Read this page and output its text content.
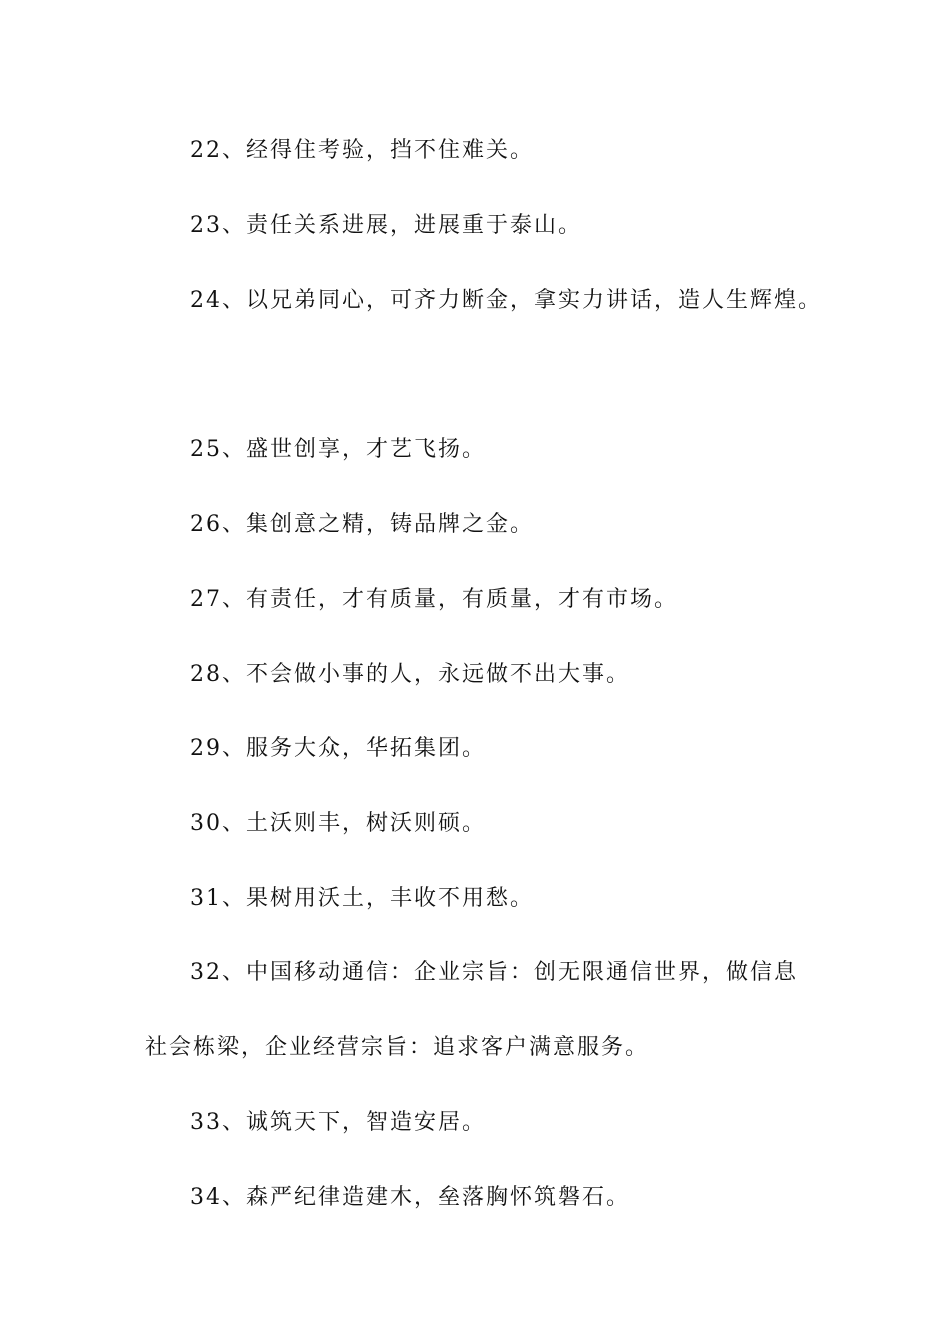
22、经得住考验，挡不住难关。
23、责任关系进展，进展重于泰山。
24、以兄弟同心，可齐力断金，拿实力讲话，造人生辉煌。
25、盛世创享，才艺飞扬。
26、集创意之精，铸品牌之金。
27、有责任，才有质量，有质量，才有市场。
28、不会做小事的人，永远做不出大事。
29、服务大众，华拓集团。
30、土沃则丰，树沃则硕。
31、果树用沃土，丰收不用愁。
32、中国移动通信：企业宗旨：创无限通信世界，做信息
社会栋梁，企业经营宗旨：追求客户满意服务。
33、诚筑天下，智造安居。
34、森严纪律造建木，垒落胸怀筑磐石。
